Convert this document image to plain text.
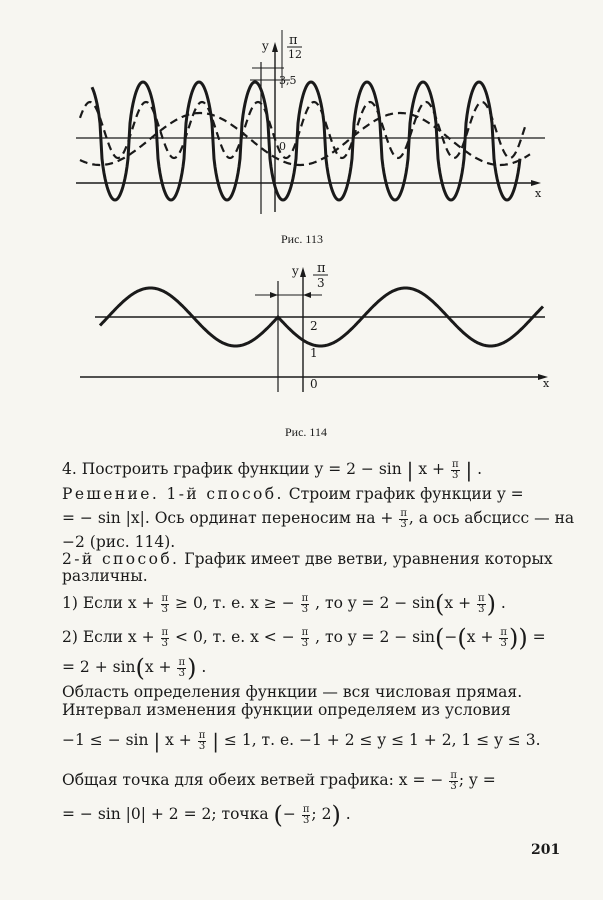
y
x
π
12
3,5
0
Рис. 113
y
x
π
3
2
1
0
Рис. 114
4. Построить график функции y = 2 − sin | $x + \frac{\pi}{3}$ | .
Решение. 1-й способ. Строим график функции y =
= − sin |x|. Ось ординат переносим на + $\frac{\pi}{3}$ , а ось абсцисс — на
−2 (рис. 114).
2-й способ. График имеет две ветви, уравнения которых
различны.
1) Если $x + \frac{\pi}{3} \ge 0$, т. е. x ≥ − $\frac{\pi}{3}$ , то $y = 2 - \sin(x + \frac{\pi}{3}$ ) .
2) Если $x + \frac{\pi}{3} < 0$, т. е. x < − $\frac{\pi}{3}$ , то $y = 2 - \sin(-(x + \frac{\pi}{3}$ )) =
= $2 + \sin(x + \frac{\pi}{3}$ ) .
Область определения функции — вся числовая прямая.
Интервал изменения функции определяем из условия
−1 ≤ − sin | $x + \frac{\pi}{3}$ | ≤ 1, т. е. −1 + 2 ≤ y ≤ 1 + 2, 1 ≤ y ≤ 3.
Общая точка для обеих ветвей графика: x = − $\frac{\pi}{3}$ ; y =
= − sin |0| + 2 = 2; точка (− $\frac{\pi}{3}$ ; 2) .
201
